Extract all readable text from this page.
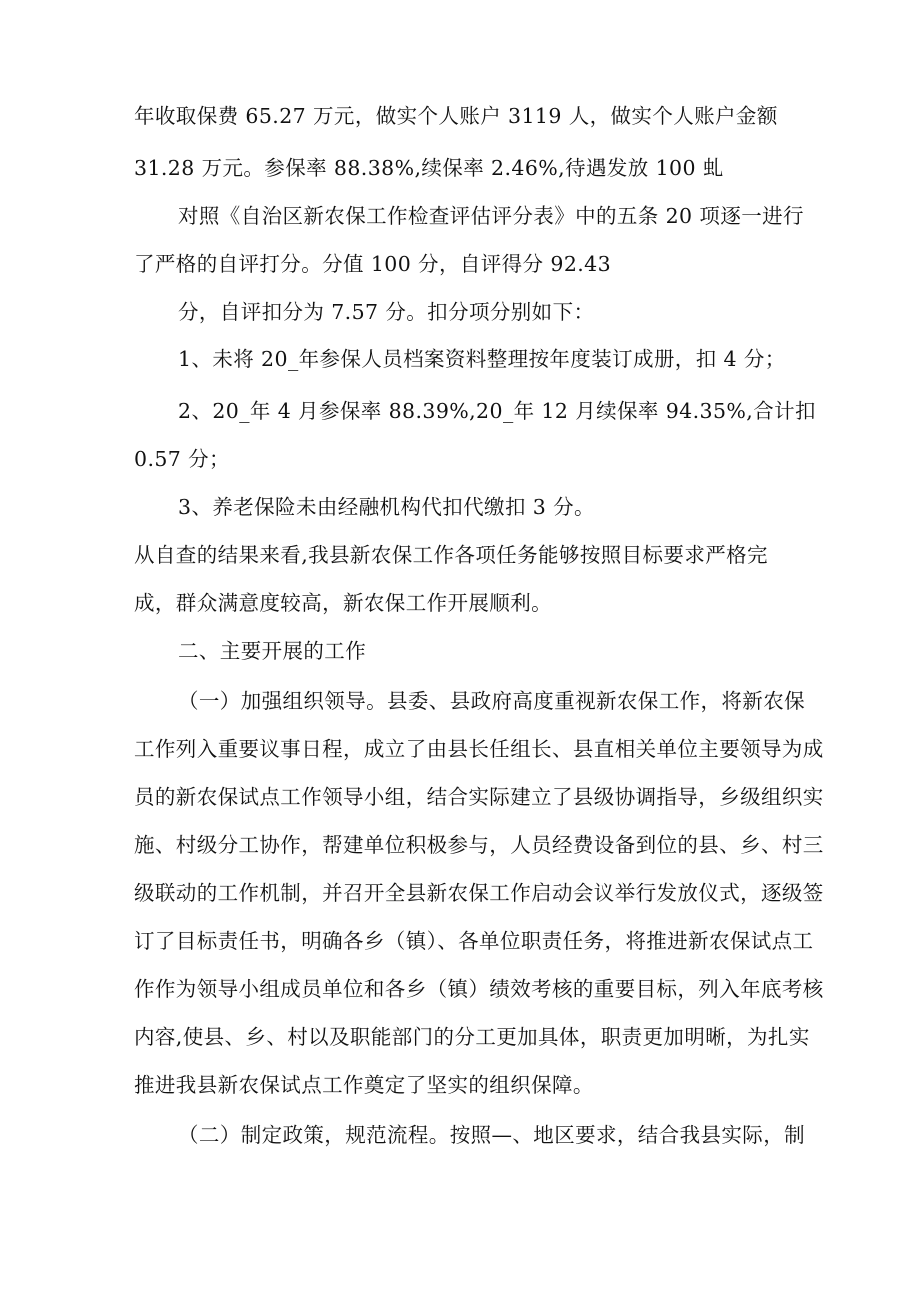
年收取保费 65.27 万元，做实个人账户 3119 人，做实个人账户金额
31.28 万元。参保率 88.38%,续保率 2.46%,待遇发放 100 虬
对照《自治区新农保工作检查评估评分表》中的五条 20 项逐一进行
了严格的自评打分。分值 100 分，自评得分 92.43
分，自评扣分为 7.57 分。扣分项分别如下：
1、未将 20_年参保人员档案资料整理按年度装订成册，扣 4 分；
2、20_年 4 月参保率 88.39%,20_年 12 月续保率 94.35%,合计扣
0.57 分；
3、养老保险未由经融机构代扣代缴扣 3 分。
从自查的结果来看,我县新农保工作各项任务能够按照目标要求严格完
成，群众满意度较高，新农保工作开展顺利。
二、主要开展的工作
（一）加强组织领导。县委、县政府高度重视新农保工作，将新农保
工作列入重要议事日程，成立了由县长任组长、县直相关单位主要领导为成
员的新农保试点工作领导小组，结合实际建立了县级协调指导，乡级组织实
施、村级分工协作，帮建单位积极参与，人员经费设备到位的县、乡、村三
级联动的工作机制，并召开全县新农保工作启动会议举行发放仪式，逐级签
订了目标责任书，明确各乡（镇）、各单位职责任务，将推进新农保试点工
作作为领导小组成员单位和各乡（镇）绩效考核的重要目标，列入年底考核
内容,使县、乡、村以及职能部门的分工更加具体，职责更加明晰，为扎实
推进我县新农保试点工作奠定了坚实的组织保障。
（二）制定政策，规范流程。按照—、地区要求，结合我县实际，制
